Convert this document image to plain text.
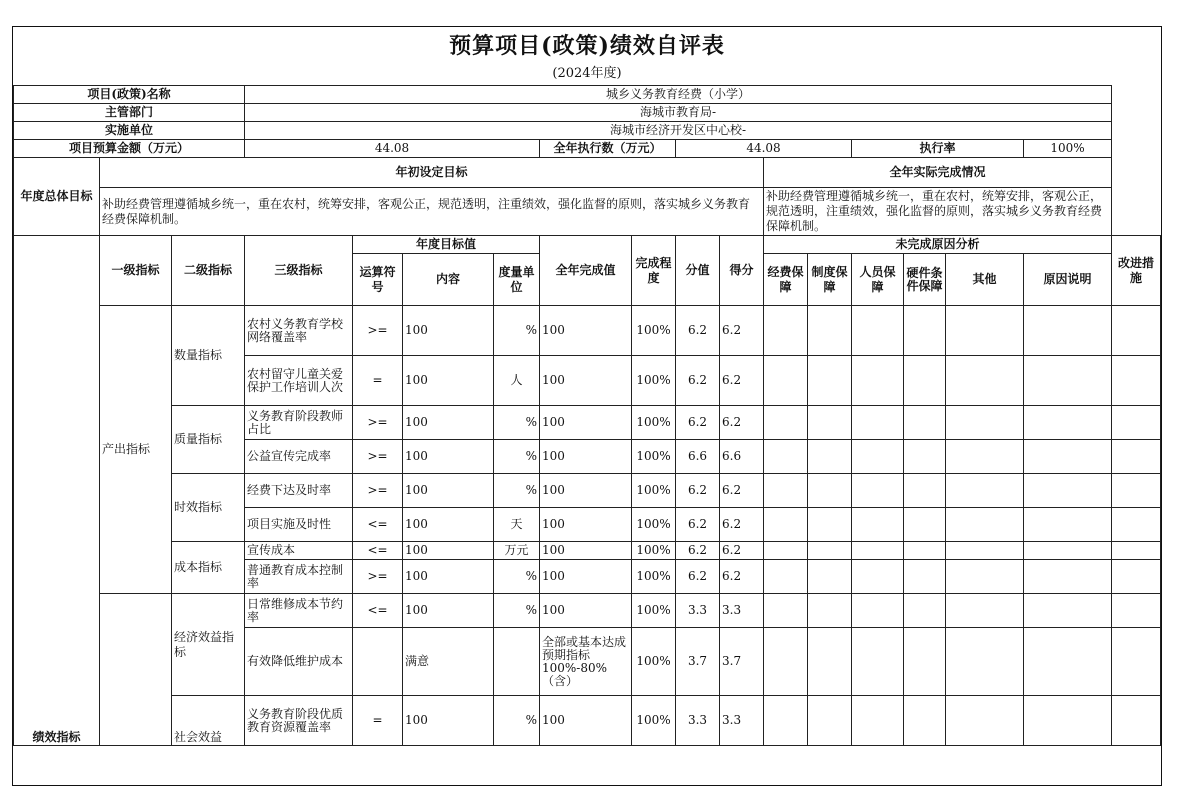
预算项目(政策)绩效自评表
(2024年度)
项目(政策)名称			城乡义务教育经费（小学）														
主管部门			海城市教育局-														
实施单位			海城市经济开发区中心校-														
项目预算金额（万元）			44.08				全年执行数（万元）		44.08				执行率			100%	
年度总体目标	年初设定目标										全年实际完成情况						
	补助经费管理遵循城乡统一，重在农村，统筹安排，客观公正，规范透明，注重绩效，强化监督的原则，落实城乡义务教育经费保障机制。										补助经费管理遵循城乡统一，重在农村，统筹安排，客观公正，规范透明，注重绩效，强化监督的原则，落实城乡义务教育经费保障机制。						
绩效指标	一级指标	二级指标	三级指标	年度目标值			全年完成值	完成程度	分值	得分	未完成原因分析						改进措施
				运算符号	内容	度量单位					经费保障	制度保障	人员保障	硬件条件保障	其他	原因说明	
	产出指标	数量指标	农村义务教育学校网络覆盖率	>=	100	%	100	100%	6.2	6.2							
			农村留守儿童关爱保护工作培训人次	=	100	人	100	100%	6.2	6.2							
		质量指标	义务教育阶段教师占比	>=	100	%	100	100%	6.2	6.2							
			公益宣传完成率	>=	100	%	100	100%	6.6	6.6							
		时效指标	经费下达及时率	>=	100	%	100	100%	6.2	6.2							
			项目实施及时性	<=	100	天	100	100%	6.2	6.2							
		成本指标	宣传成本	<=	100	万元	100	100%	6.2	6.2							
			普通教育成本控制率	>=	100	%	100	100%	6.2	6.2							
		经济效益指标	日常维修成本节约率	<=	100	%	100	100%	3.3	3.3							
			有效降低维护成本		满意		全部或基本达成预期指标100%-80%（含）	100%	3.7	3.7							
		社会效益	义务教育阶段优质教育资源覆盖率	=	100	%	100	100%	3.3	3.3							
